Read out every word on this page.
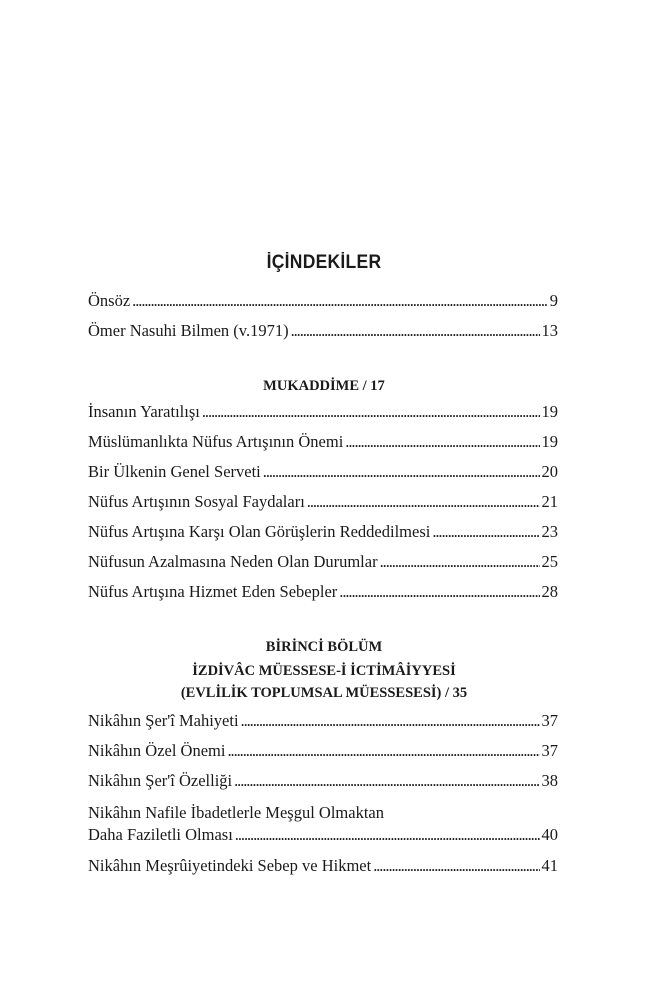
İÇİNDEKİLER
Önsöz . . .	9
Ömer Nasuhi Bilmen (v.1971) . . .	13
MUKADDİME / 17
İnsanın Yaratılışı . . .	19
Müslümanlıkta Nüfus Artışının Önemi . . .	19
Bir Ülkenin Genel Serveti . . .	20
Nüfus Artışının Sosyal Faydaları . . .	21
Nüfus Artışına Karşı Olan Görüşlerin Reddedilmesi . . .	23
Nüfusun Azalmasına Neden Olan Durumlar . . .	25
Nüfus Artışına Hizmet Eden Sebepler . . .	28
BİRİNCİ BÖLÜM
İZDİVÂC MÜESSESE-İ İCTİMÂİYYESİ
(EVLİLİK TOPLUMSAL MÜESSESESİ) / 35
Nikâhın Şer'î Mahiyeti . . .	37
Nikâhın Özel Önemi . . .	37
Nikâhın Şer'î Özelliği . . .	38
Nikâhın Nafile İbadetlerle Meşgul Olmaktan
Daha Faziletli Olması . . .	40
Nikâhın Meşrûiyetindeki Sebep ve Hikmet . . .	41
